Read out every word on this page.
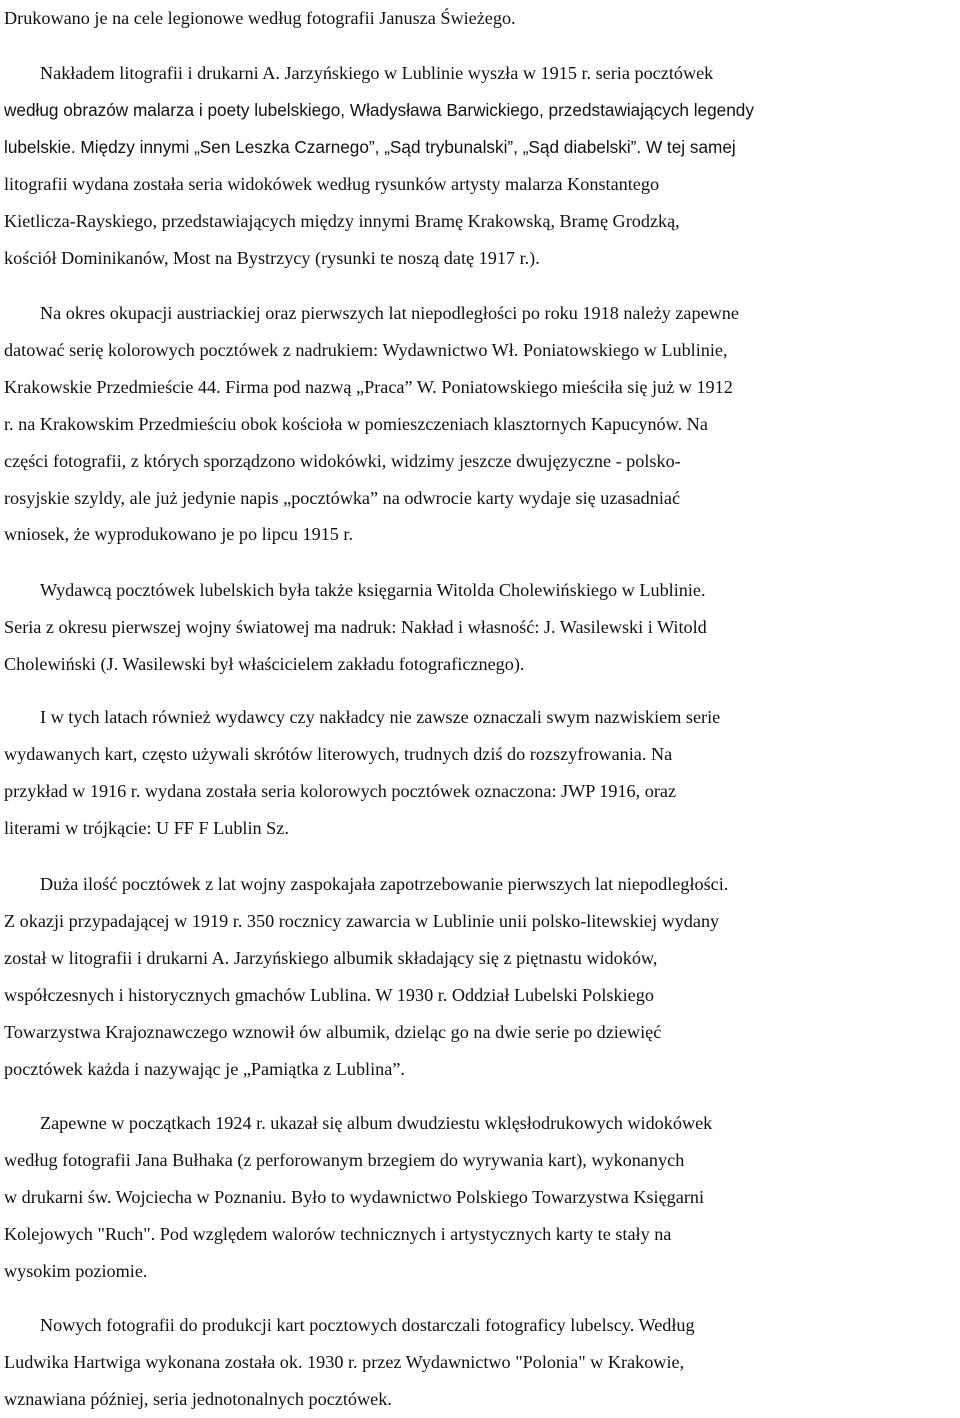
Drukowano je na cele legionowe według fotografii Janusza Świeżego.

Nakładem litografii i drukarni A. Jarzyńskiego w Lublinie wyszła w 1915 r. seria pocztówek
według obrazów malarza i poety lubelskiego, Władysława Barwickiego, przedstawiających legendy
lubelskie. Między innymi „Sen Leszka Czarnego”, „Sąd trybunalski”, „Sąd diabelski”. W tej samej
litografii wydana została seria widokówek według rysunków artysty malarza Konstantego
Kietlicza-Rayskiego, przedstawiających między innymi Bramę Krakowską, Bramę Grodzką,
kościół Dominikanów, Most na Bystrzycy (rysunki te noszą datę 1917 r.).

Na okres okupacji austriackiej oraz pierwszych lat niepodległości po roku 1918 należy zapewne
datować serię kolorowych pocztówek z nadrukiem: Wydawnictwo Wł. Poniatowskiego w Lublinie,
Krakowskie Przedmieście 44. Firma pod nazwą „Praca” W. Poniatowskiego mieściła się już w 1912
r. na Krakowskim Przedmieściu obok kościoła w pomieszczeniach klasztornych Kapucynów. Na
części fotografii, z których sporządzono widokówki, widzimy jeszcze dwujęzyczne - polsko-
rosyjskie szyldy, ale już jedynie napis „pocztówka” na odwrocie karty wydaje się uzasadniać
wniosek, że wyprodukowano je po lipcu 1915 r.

Wydawcą pocztówek lubelskich była także księgarnia Witolda Cholewińskiego w Lublinie.
Seria z okresu pierwszej wojny światowej ma nadruk: Nakład i własność: J. Wasilewski i Witold
Cholewiński (J. Wasilewski był właścicielem zakładu fotograficznego).

I w tych latach również wydawcy czy nakładcy nie zawsze oznaczali swym nazwiskiem serie
wydawanych kart, często używali skrótów literowych, trudnych dziś do rozszyfrowania. Na
przykład w 1916 r. wydana została seria kolorowych pocztówek oznaczona: JWP 1916, oraz
literami w trójkącie: U FF F Lublin Sz.

Duża ilość pocztówek z lat wojny zaspokajała zapotrzebowanie pierwszych lat niepodległości.
Z okazji przypadającej w 1919 r. 350 rocznicy zawarcia w Lublinie unii polsko-litewskiej wydany
został w litografii i drukarni A. Jarzyńskiego albumik składający się z piętnastu widoków,
współczesnych i historycznych gmachów Lublina. W 1930 r. Oddział Lubelski Polskiego
Towarzystwa Krajoznawczego wznowił ów albumik, dzieląc go na dwie serie po dziewięć
pocztówek każda i nazywając je „Pamiątka z Lublina”.

Zapewne w początkach 1924 r. ukazał się album dwudziestu wklęsłodrukowych widokówek
według fotografii Jana Bułhaka (z perforowanym brzegiem do wyrywania kart), wykonanych
w drukarni św. Wojciecha w Poznaniu. Było to wydawnictwo Polskiego Towarzystwa Księgarni
Kolejowych "Ruch". Pod względem walorów technicznych i artystycznych karty te stały na
wysokim poziomie.

Nowych fotografii do produkcji kart pocztowych dostarczali fotograficy lubelscy. Według
Ludwika Hartwiga wykonana została ok. 1930 r. przez Wydawnictwo "Polonia" w Krakowie,
wznawiana później, seria jednotonalnych pocztówek.
